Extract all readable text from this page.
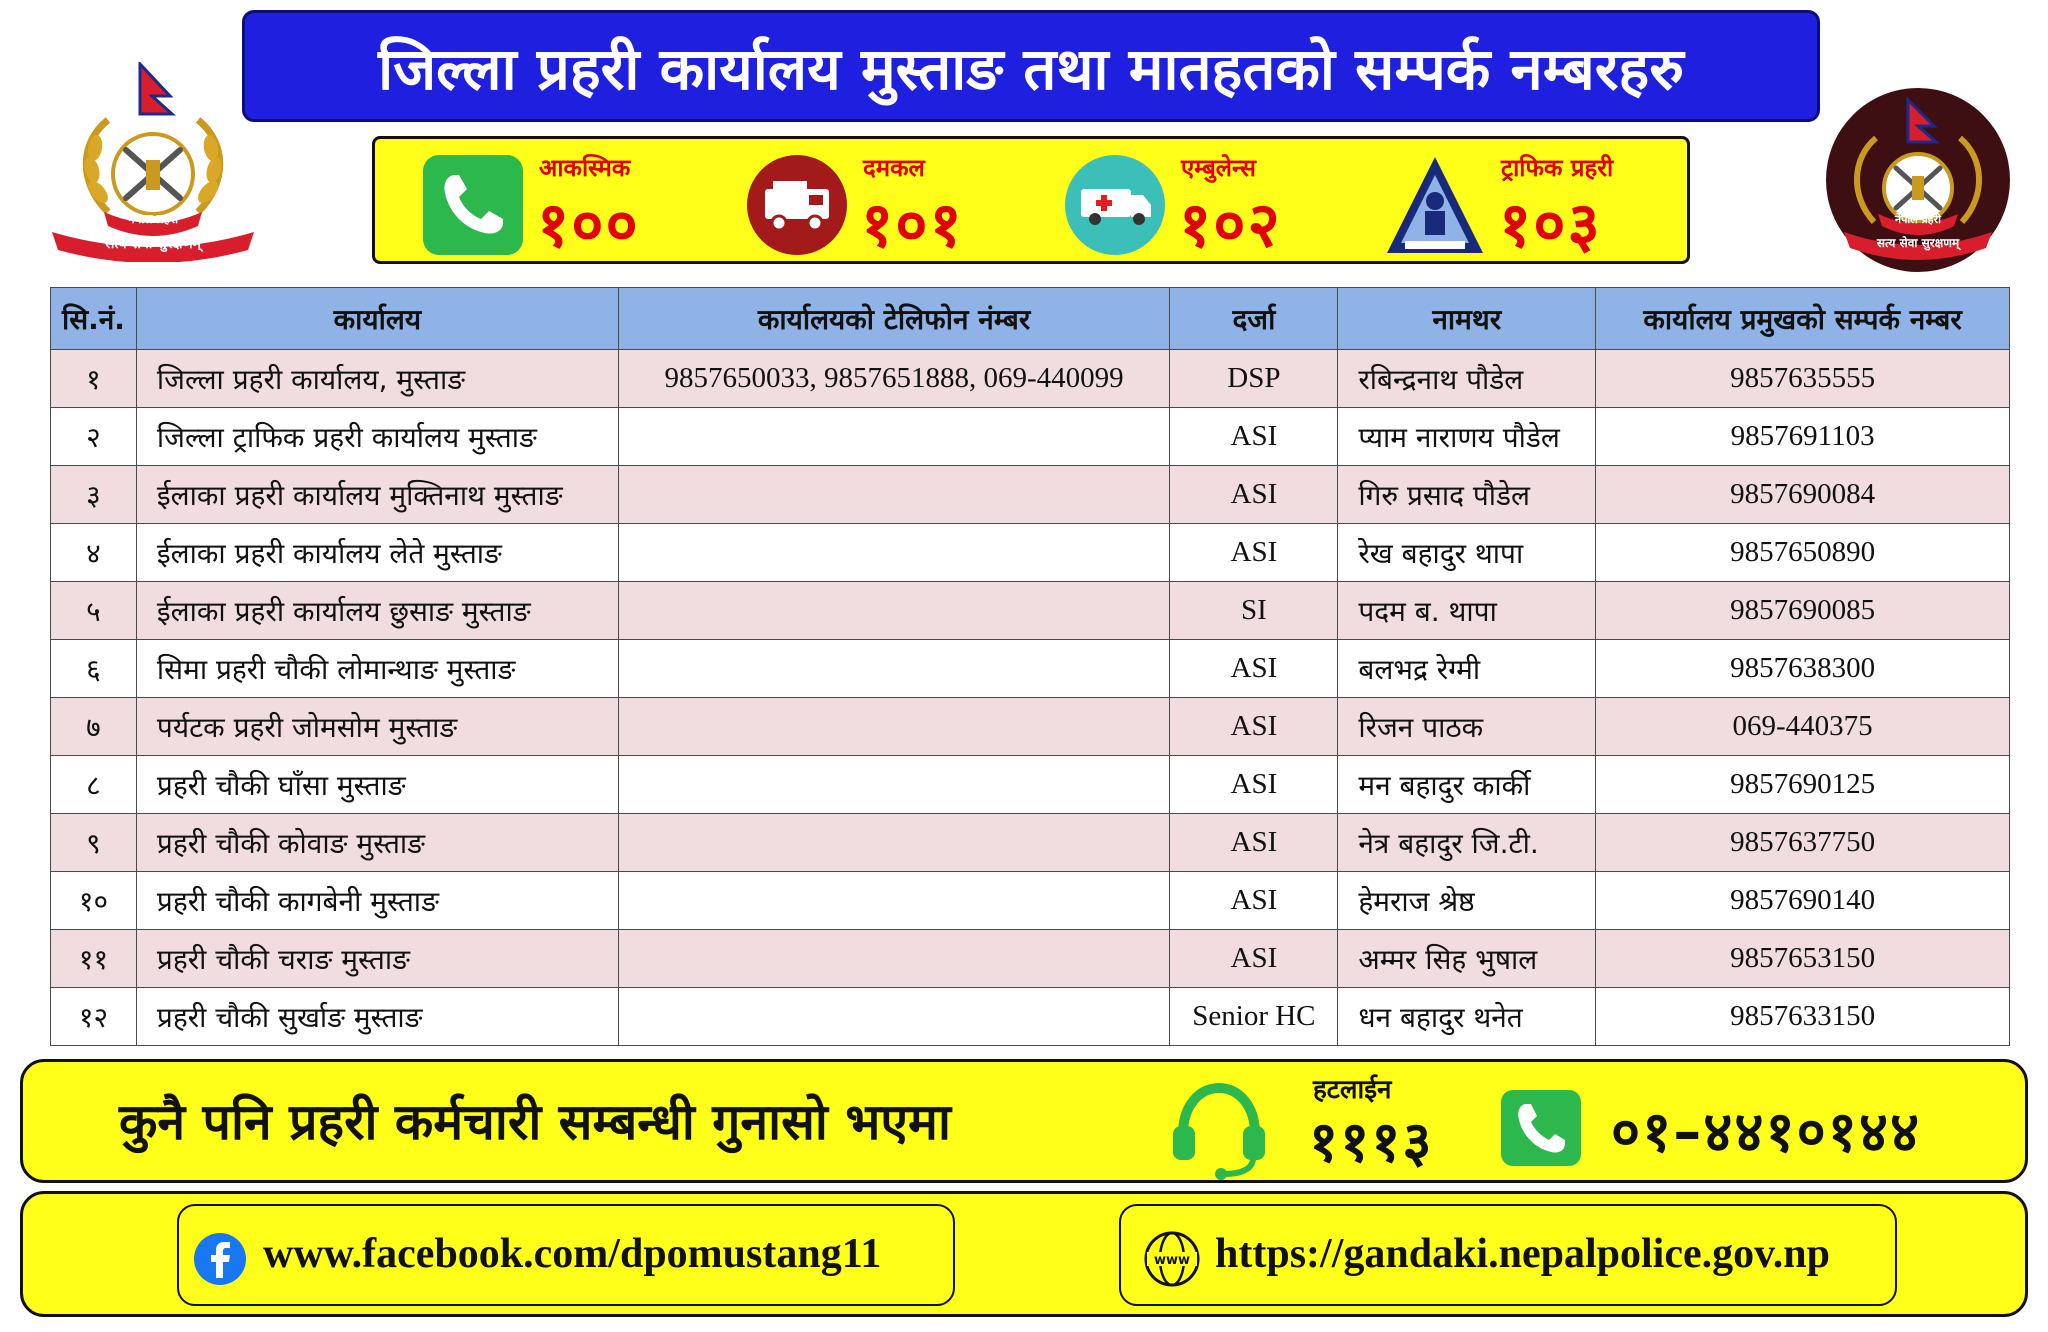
जिल्ला प्रहरी कार्यालय मुस्ताङ तथा मातहतको सम्पर्क नम्बरहरु
नेपाल प्रहरी
सत्य सेवा सुरक्षणम्
नेपाल प्रहरी
सत्य सेवा सुरक्षणम्
आकस्मिक
१००
दमकल
१०१
एम्बुलेन्स
१०२
ट्राफिक प्रहरी
१०३
सि.नं.	कार्यालय	कार्यालयको टेलिफोन नंम्बर	दर्जा	नामथर	कार्यालय प्रमुखको सम्पर्क नम्बर
१	जिल्ला प्रहरी कार्यालय, मुस्ताङ	9857650033, 9857651888, 069-440099	DSP	रबिन्द्रनाथ पौडेल	9857635555
२	जिल्ला ट्राफिक प्रहरी कार्यालय मुस्ताङ		ASI	प्याम नाराणय पौडेल	9857691103
३	ईलाका प्रहरी कार्यालय मुक्तिनाथ मुस्ताङ		ASI	गिरु प्रसाद पौडेल	9857690084
४	ईलाका प्रहरी कार्यालय लेते मुस्ताङ		ASI	रेख बहादुर थापा	9857650890
५	ईलाका प्रहरी कार्यालय छुसाङ मुस्ताङ		SI	पदम ब. थापा	9857690085
६	सिमा प्रहरी चौकी लोमान्थाङ मुस्ताङ		ASI	बलभद्र रेग्मी	9857638300
७	पर्यटक प्रहरी जोमसोम मुस्ताङ		ASI	रिजन पाठक	069-440375
८	प्रहरी चौकी घाँसा मुस्ताङ		ASI	मन बहादुर कार्की	9857690125
९	प्रहरी चौकी कोवाङ मुस्ताङ		ASI	नेत्र बहादुर जि.टी.	9857637750
१०	प्रहरी चौकी कागबेनी मुस्ताङ		ASI	हेमराज श्रेष्ठ	9857690140
११	प्रहरी चौकी चराङ मुस्ताङ		ASI	अम्मर सिह भुषाल	9857653150
१२	प्रहरी चौकी सुर्खाङ मुस्ताङ		Senior HC	धन बहादुर थनेत	9857633150
कुनै पनि प्रहरी कर्मचारी सम्बन्धी गुनासो भएमा
हटलाईन
१११३	०१–४४१०१४४
www.facebook.com/dpomustang11	www https://gandaki.nepalpolice.gov.np
